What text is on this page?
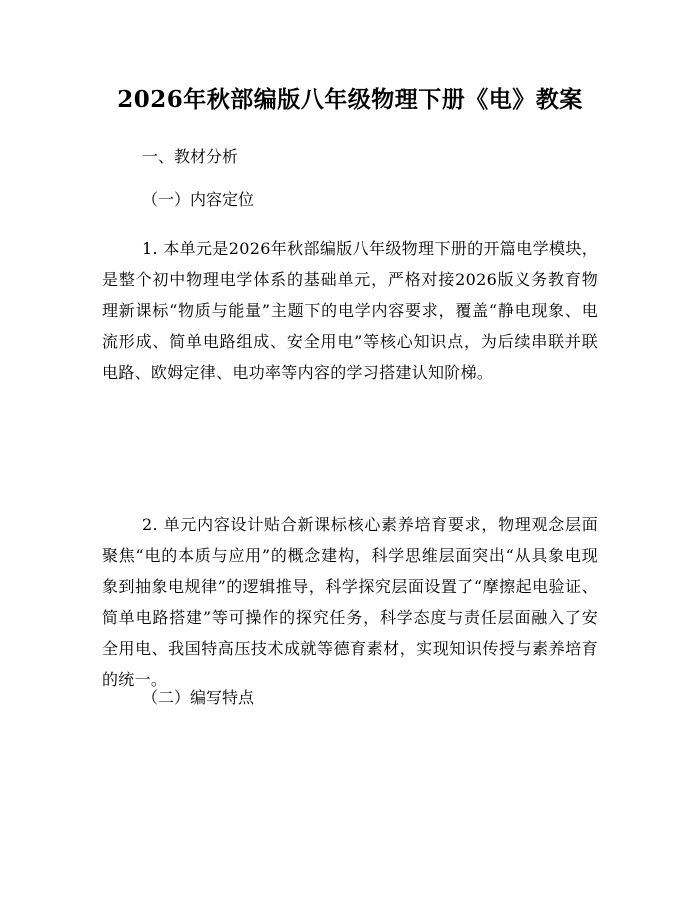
2026年秋部编版八年级物理下册《电》教案
一、教材分析
（一）内容定位
1. 本单元是2026年秋部编版八年级物理下册的开篇电学模块，是整个初中物理电学体系的基础单元，严格对接2026版义务教育物理新课标“物质与能量”主题下的电学内容要求，覆盖“静电现象、电流形成、简单电路组成、安全用电”等核心知识点，为后续串联并联电路、欧姆定律、电功率等内容的学习搭建认知阶梯。
2. 单元内容设计贴合新课标核心素养培育要求，物理观念层面聚焦“电的本质与应用”的概念建构，科学思维层面突出“从具象电现象到抽象电规律”的逻辑推导，科学探究层面设置了“摩擦起电验证、简单电路搭建”等可操作的探究任务，科学态度与责任层面融入了安全用电、我国特高压技术成就等德育素材，实现知识传授与素养培育的统一。
（二）编写特点
